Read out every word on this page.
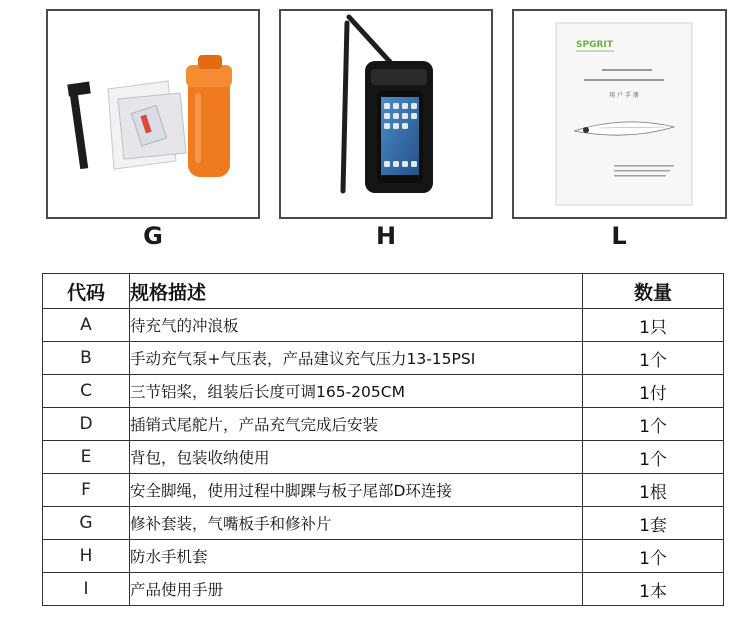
SPGRIT
用 户 手 册
G	H	L
代码	规格描述	数量
A	待充气的冲浪板	1只
B	手动充气泵+气压表，产品建议充气压力13-15PSI	1个
C	三节铝桨，组装后长度可调165-205CM	1付
D	插销式尾舵片，产品充气完成后安装	1个
E	背包，包装收纳使用	1个
F	安全脚绳，使用过程中脚踝与板子尾部D环连接	1根
G	修补套装，气嘴板手和修补片	1套
H	防水手机套	1个
I	产品使用手册	1本
